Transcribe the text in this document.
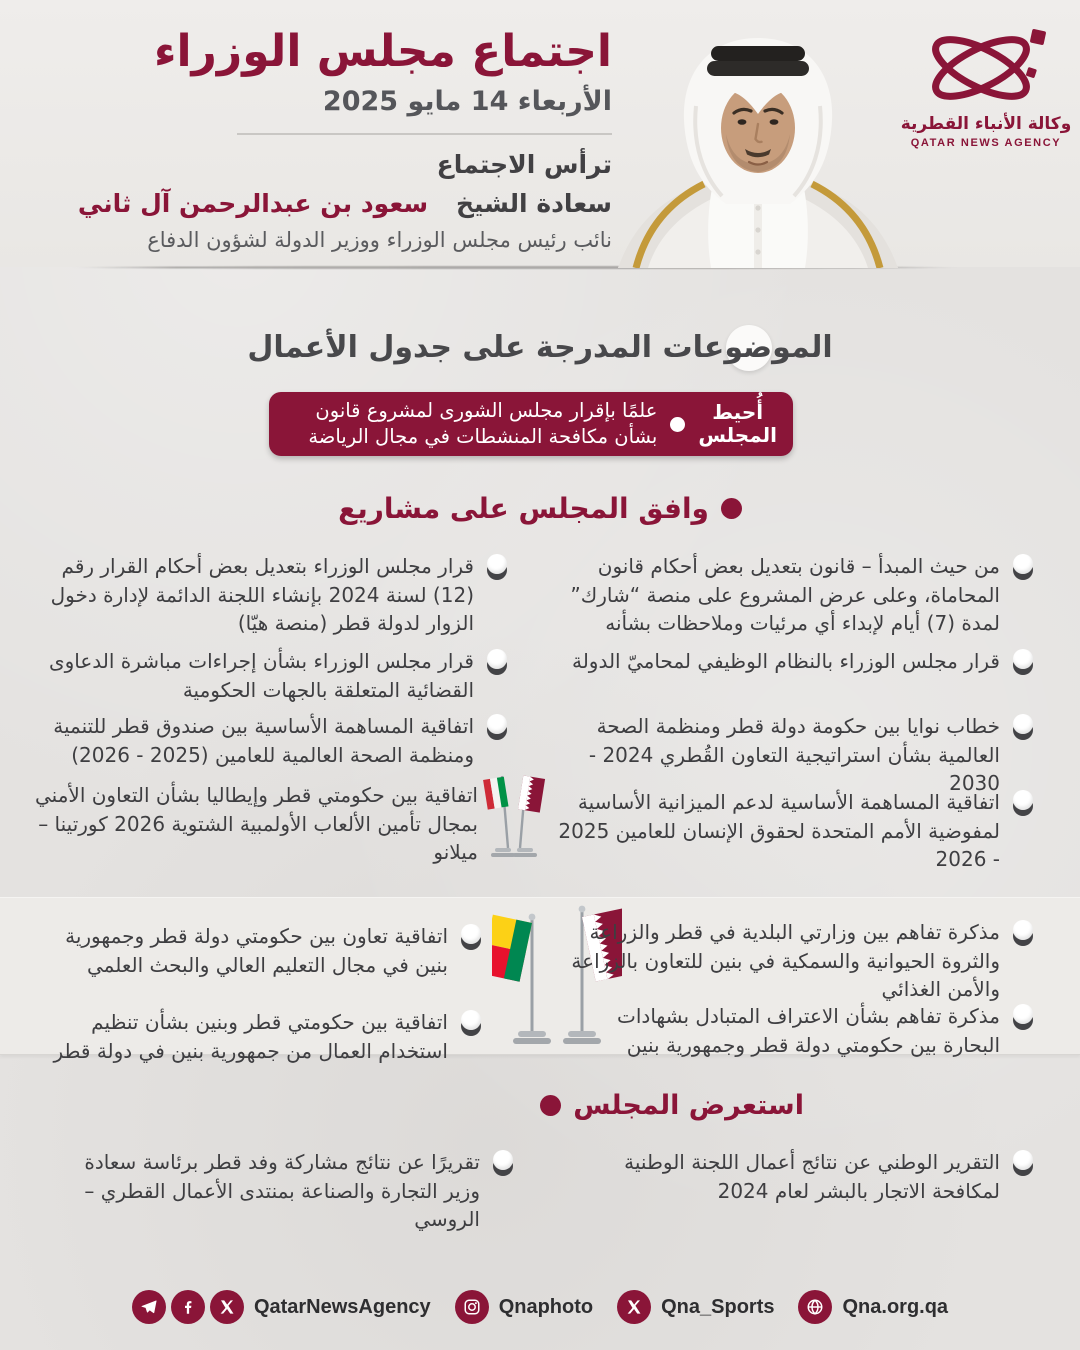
اجتماع مجلس الوزراء
الأربعاء 14 مايو 2025
ترأس الاجتماع
سعادة الشيخ سعود بن عبدالرحمن آل ثاني
نائب رئيس مجلس الوزراء ووزير الدولة لشؤون الدفاع
وكالة الأنباء القطرية
QATAR NEWS AGENCY
الموضوعات المدرجة على جدول الأعمال
أُحيط
المجلس
علمًا بإقرار مجلس الشورى لمشروع قانون
بشأن مكافحة المنشطات في مجال الرياضة
وافق المجلس على مشاريع
من حيث المبدأ – قانون بتعديل بعض أحكام قانون المحاماة، وعلى عرض المشروع على منصة “شارك” لمدة (7) أيام لإبداء أي مرئيات وملاحظات بشأنه
قرار مجلس الوزراء بالنظام الوظيفي لمحاميّ الدولة
خطاب نوايا بين حكومة دولة قطر ومنظمة الصحة العالمية بشأن استراتيجية التعاون القُطري 2024 - 2030
اتفاقية المساهمة الأساسية لدعم الميزانية الأساسية لمفوضية الأمم المتحدة لحقوق الإنسان للعامين 2025 - 2026
قرار مجلس الوزراء بتعديل بعض أحكام القرار رقم (12) لسنة 2024 بإنشاء اللجنة الدائمة لإدارة دخول الزوار لدولة قطر (منصة هيّا)
قرار مجلس الوزراء بشأن إجراءات مباشرة الدعاوى القضائية المتعلقة بالجهات الحكومية
اتفاقية المساهمة الأساسية بين صندوق قطر للتنمية ومنظمة الصحة العالمية للعامين (2025 - 2026)
اتفاقية بين حكومتي قطر وإيطاليا بشأن التعاون الأمني بمجال تأمين الألعاب الأولمبية الشتوية 2026 كورتينا – ميلانو
مذكرة تفاهم بين وزارتي البلدية في قطر والزراعة والثروة الحيوانية والسمكية في بنين للتعاون بالزراعة والأمن الغذائي
مذكرة تفاهم بشأن الاعتراف المتبادل بشهادات البحارة بين حكومتي دولة قطر وجمهورية بنين
اتفاقية تعاون بين حكومتي دولة قطر وجمهورية بنين في مجال التعليم العالي والبحث العلمي
اتفاقية بين حكومتي قطر وبنين بشأن تنظيم استخدام العمال من جمهورية بنين في دولة قطر
استعرض المجلس
التقرير الوطني عن نتائج أعمال اللجنة الوطنية لمكافحة الاتجار بالبشر لعام 2024
تقريرًا عن نتائج مشاركة وفد قطر برئاسة سعادة وزير التجارة والصناعة بمنتدى الأعمال القطري – الروسي
QatarNewsAgency	Qnaphoto	Qna_Sports	Qna.org.qa
